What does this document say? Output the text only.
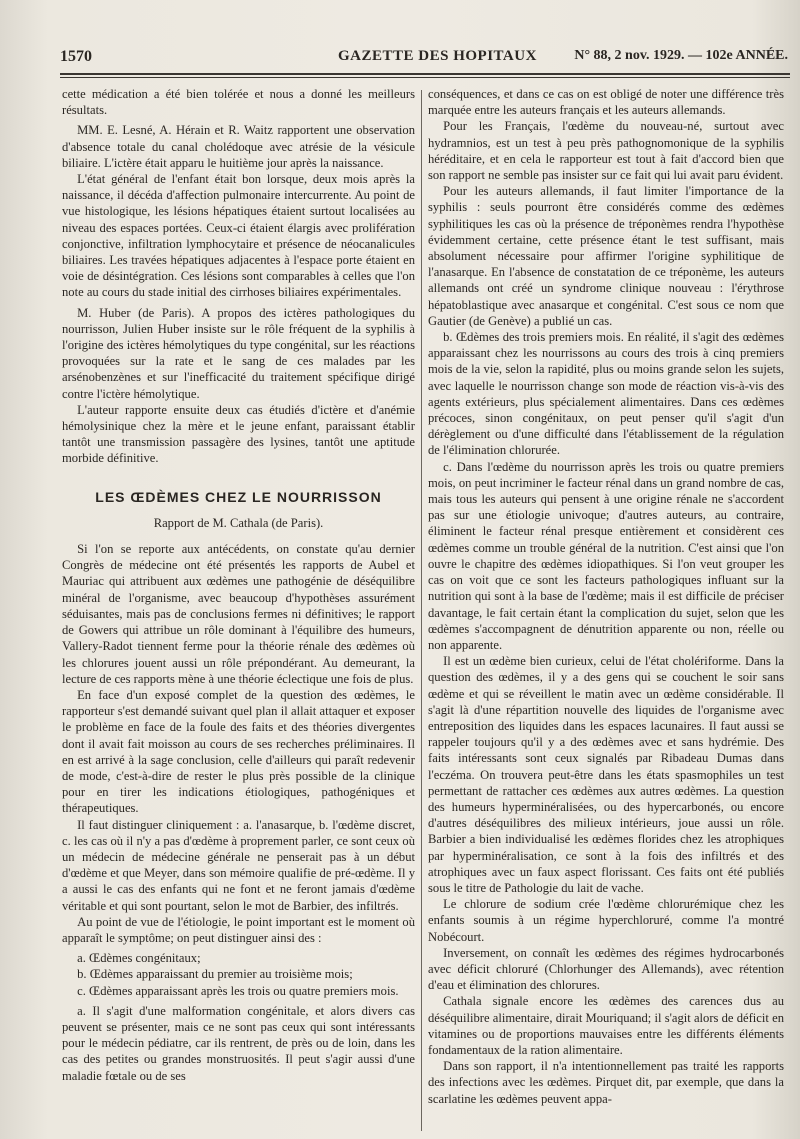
1570	GAZETTE DES HOPITAUX	N° 88, 2 nov. 1929. — 102e ANNÉE.

cette médication a été bien tolérée et nous a donné les meilleurs résultats.

MM. E. Lesné, A. Hérain et R. Waitz rapportent une observation d'absence totale du canal cholédoque avec atrésie de la vésicule biliaire. L'ictère était apparu le huitième jour après la naissance.

L'état général de l'enfant était bon lorsque, deux mois après la naissance, il décéda d'affection pulmonaire intercurrente. Au point de vue histologique, les lésions hépatiques étaient surtout localisées au niveau des espaces portées. Ceux-ci étaient élargis avec prolifération conjonctive, infiltration lymphocytaire et présence de néocanalicules biliaires. Les travées hépatiques adjacentes à l'espace porte étaient en voie de désintégration. Ces lésions sont comparables à celles que l'on note au cours du stade initial des cirrhoses biliaires expérimentales.

M. Huber (de Paris). A propos des ictères pathologiques du nourrisson, Julien Huber insiste sur le rôle fréquent de la syphilis à l'origine des ictères hémolytiques du type congénital, sur les réactions provoquées sur la rate et le sang de ces malades par les arsénobenzènes et sur l'inefficacité du traitement spécifique dirigé contre l'ictère hémolytique.

L'auteur rapporte ensuite deux cas étudiés d'ictère et d'anémie hémolysinique chez la mère et le jeune enfant, paraissant établir tantôt une transmission passagère des lysines, tantôt une aptitude morbide définitive.

LES ŒDÈMES CHEZ LE NOURRISSON
Rapport de M. Cathala (de Paris).

Si l'on se reporte aux antécédents, on constate qu'au dernier Congrès de médecine ont été présentés les rapports de Aubel et Mauriac qui attribuent aux œdèmes une pathogénie de déséquilibre minéral de l'organisme, avec beaucoup d'hypothèses assurément séduisantes, mais pas de conclusions fermes ni définitives; le rapport de Gowers qui attribue un rôle dominant à l'équilibre des humeurs, Vallery-Radot tiennent ferme pour la théorie rénale des œdèmes où les chlorures jouent aussi un rôle prépondérant. Au demeurant, la lecture de ces rapports mène à une théorie éclectique une fois de plus.

En face d'un exposé complet de la question des œdèmes, le rapporteur s'est demandé suivant quel plan il allait attaquer et exposer le problème en face de la foule des faits et des théories divergentes dont il avait fait moisson au cours de ses recherches préliminaires. Il en est arrivé à la sage conclusion, celle d'ailleurs qui paraît redevenir de mode, c'est-à-dire de rester le plus près possible de la clinique pour en tirer les indications étiologiques, pathogéniques et thérapeutiques.

Il faut distinguer cliniquement : a. l'anasarque, b. l'œdème discret, c. les cas où il n'y a pas d'œdème à proprement parler, ce sont ceux où un médecin de médecine générale ne penserait pas à un début d'œdème et que Meyer, dans son mémoire qualifie de pré-œdème. Il y a aussi le cas des enfants qui ne font et ne feront jamais d'œdème véritable et qui sont pourtant, selon le mot de Barbier, des infiltrés.

Au point de vue de l'étiologie, le point important est le moment où apparaît le symptôme; on peut distinguer ainsi des :

a. Œdèmes congénitaux;

b. Œdèmes apparaissant du premier au troisième mois;

c. Œdèmes apparaissant après les trois ou quatre premiers mois.

a. Il s'agit d'une malformation congénitale, et alors divers cas peuvent se présenter, mais ce ne sont pas ceux qui sont intéressants pour le médecin pédiatre, car ils rentrent, de près ou de loin, dans les cas des petites ou grandes monstruosités. Il peut s'agir aussi d'une maladie fœtale ou de ses

conséquences, et dans ce cas on est obligé de noter une différence très marquée entre les auteurs français et les auteurs allemands.

Pour les Français, l'œdème du nouveau-né, surtout avec hydramnios, est un test à peu près pathognomonique de la syphilis héréditaire, et en cela le rapporteur est tout à fait d'accord bien que son rapport ne semble pas insister sur ce fait qui lui avait paru évident.

Pour les auteurs allemands, il faut limiter l'importance de la syphilis : seuls pourront être considérés comme des œdèmes syphilitiques les cas où la présence de tréponèmes rendra l'hypothèse évidemment certaine, cette présence étant le test suffisant, mais absolument nécessaire pour affirmer l'origine syphilitique de l'anasarque. En l'absence de constatation de ce tréponème, les auteurs allemands ont créé un syndrome clinique nouveau : l'érythrose hépatoblastique avec anasarque et congénital. C'est sous ce nom que Gautier (de Genève) a publié un cas.

b. Œdèmes des trois premiers mois. En réalité, il s'agit des œdèmes apparaissant chez les nourrissons au cours des trois à cinq premiers mois de la vie, selon la rapidité, plus ou moins grande selon les sujets, avec laquelle le nourrisson change son mode de réaction vis-à-vis des agents extérieurs, plus spécialement alimentaires. Dans ces œdèmes précoces, sinon congénitaux, on peut penser qu'il s'agit d'un dérèglement ou d'une difficulté dans l'établissement de la régulation de l'élimination chlorurée.

c. Dans l'œdème du nourrisson après les trois ou quatre premiers mois, on peut incriminer le facteur rénal dans un grand nombre de cas, mais tous les auteurs qui pensent à une origine rénale ne s'accordent pas sur une étiologie univoque; d'autres auteurs, au contraire, éliminent le facteur rénal presque entièrement et considèrent ces œdèmes comme un trouble général de la nutrition. C'est ainsi que l'on ouvre le chapitre des œdèmes idiopathiques. Si l'on veut grouper les cas on voit que ce sont les facteurs pathologiques influant sur la nutrition qui sont à la base de l'œdème; mais il est difficile de préciser davantage, le fait certain étant la complication du sujet, selon que les œdèmes s'accompagnent de dénutrition apparente ou non, réelle ou non apparente.

Il est un œdème bien curieux, celui de l'état cholériforme. Dans la question des œdèmes, il y a des gens qui se couchent le soir sans œdème et qui se réveillent le matin avec un œdème considérable. Il s'agit là d'une répartition nouvelle des liquides de l'organisme avec entreposition des liquides dans les espaces lacunaires. Il faut aussi se rappeler toujours qu'il y a des œdèmes avec et sans hydrémie. Des faits intéressants sont ceux signalés par Ribadeau Dumas dans l'eczéma. On trouvera peut-être dans les états spasmophiles un test permettant de rattacher ces œdèmes aux autres œdèmes. La question des humeurs hyperminéralisées, ou des hypercarbonés, ou encore d'autres déséquilibres des milieux intérieurs, joue aussi un rôle. Barbier a bien individualisé les œdèmes florides chez les atrophiques par hyperminéralisation, ce sont à la fois des infiltrés et des atrophiques avec un faux aspect florissant. Ces faits ont été publiés sous le titre de Pathologie du lait de vache.

Le chlorure de sodium crée l'œdème chlorurémique chez les enfants soumis à un régime hyperchloruré, comme l'a montré Nobécourt.

Inversement, on connaît les œdèmes des régimes hydrocarbonés avec déficit chloruré (Chlorhunger des Allemands), avec rétention d'eau et élimination des chlorures.

Cathala signale encore les œdèmes des carences dus au déséquilibre alimentaire, dirait Mouriquand; il s'agit alors de déficit en vitamines ou de proportions mauvaises entre les différents éléments fondamentaux de la ration alimentaire.

Dans son rapport, il n'a intentionnellement pas traité les rapports des infections avec les œdèmes. Pirquet dit, par exemple, que dans la scarlatine les œdèmes peuvent appa-
